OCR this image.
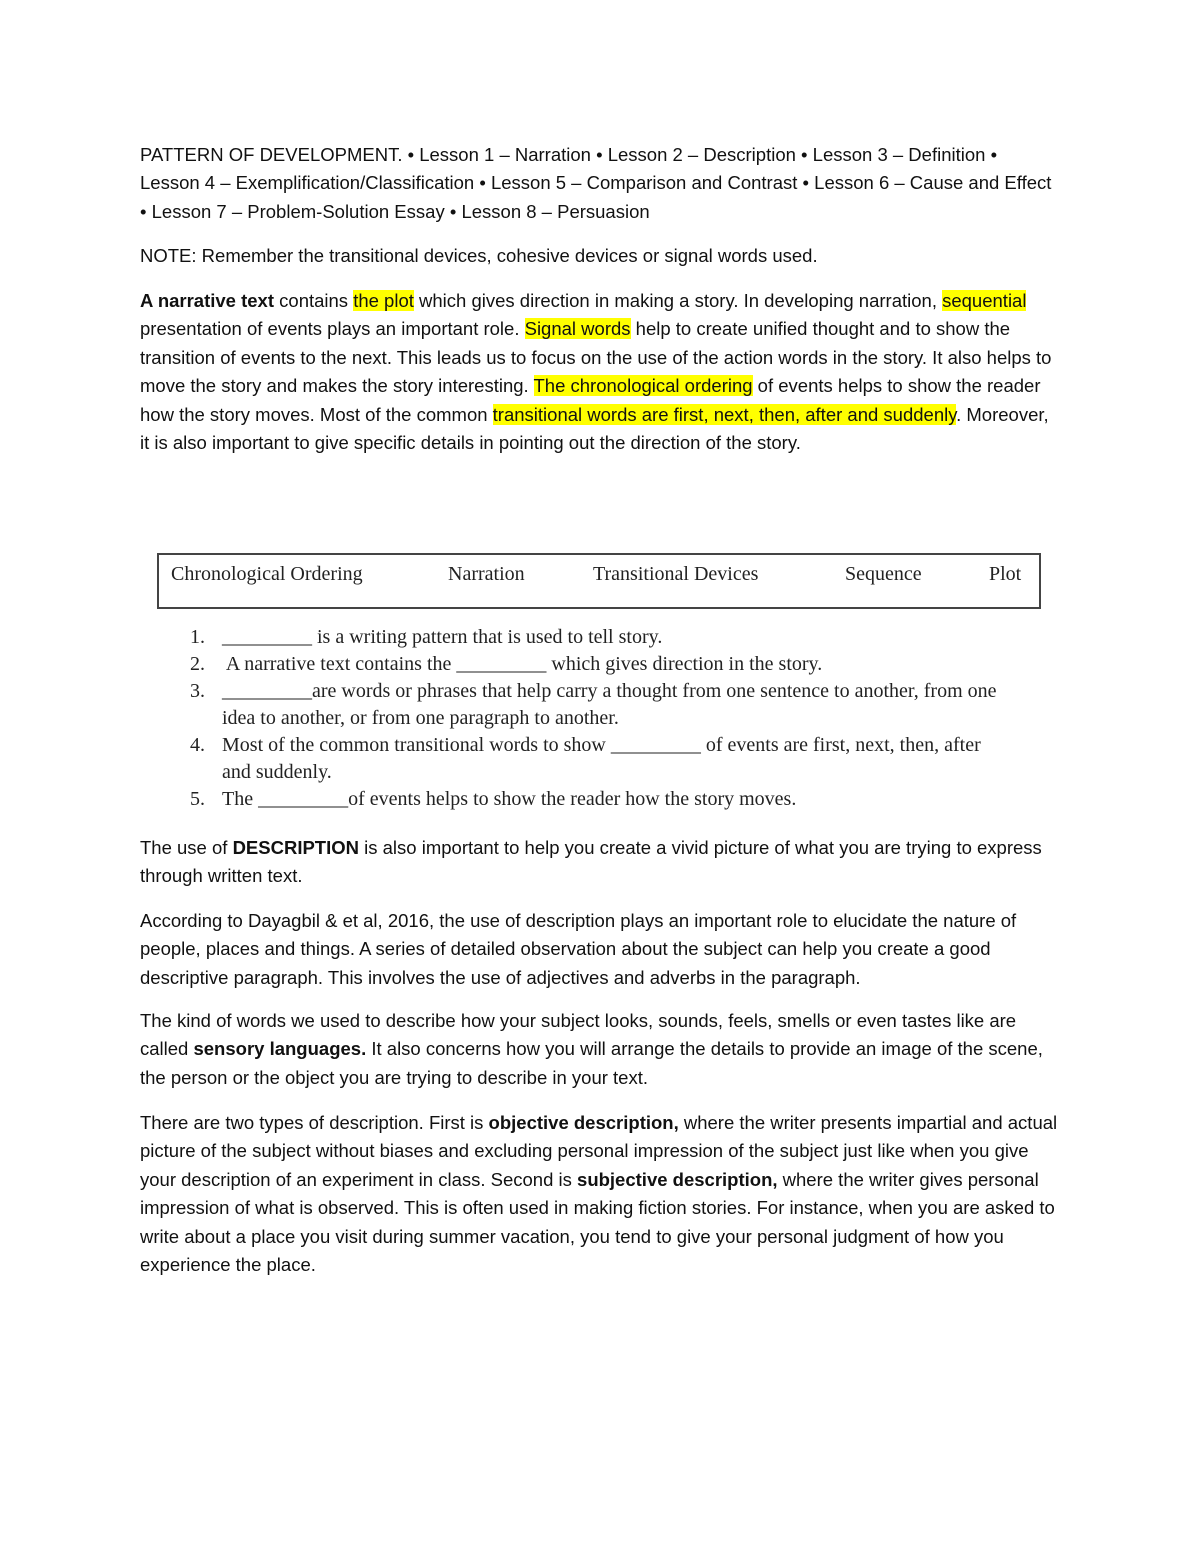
PATTERN OF DEVELOPMENT. • Lesson 1 – Narration • Lesson 2 – Description • Lesson 3 – Definition • Lesson 4 – Exemplification/Classification • Lesson 5 – Comparison and Contrast • Lesson 6 – Cause and Effect • Lesson 7 – Problem-Solution Essay • Lesson 8 – Persuasion

NOTE: Remember the transitional devices, cohesive devices or signal words used.

A narrative text contains the plot which gives direction in making a story. In developing narration, sequential presentation of events plays an important role. Signal words help to create unified thought and to show the transition of events to the next. This leads us to focus on the use of the action words in the story. It also helps to move the story and makes the story interesting. The chronological ordering of events helps to show the reader how the story moves. Most of the common transitional words are first, next, then, after and suddenly. Moreover, it is also important to give specific details in pointing out the direction of the story.

Chronological Ordering	Narration	Transitional Devices	Sequence	Plot
1. _________ is a writing pattern that is used to tell story.
2. A narrative text contains the _________ which gives direction in the story.
3. _________are words or phrases that help carry a thought from one sentence to another, from one idea to another, or from one paragraph to another.
4. Most of the common transitional words to show _________ of events are first, next, then, after and suddenly.
5. The _________of events helps to show the reader how the story moves.

The use of DESCRIPTION is also important to help you create a vivid picture of what you are trying to express through written text.

According to Dayagbil & et al, 2016, the use of description plays an important role to elucidate the nature of people, places and things. A series of detailed observation about the subject can help you create a good descriptive paragraph. This involves the use of adjectives and adverbs in the paragraph.

The kind of words we used to describe how your subject looks, sounds, feels, smells or even tastes like are called sensory languages. It also concerns how you will arrange the details to provide an image of the scene, the person or the object you are trying to describe in your text.

There are two types of description. First is objective description, where the writer presents impartial and actual picture of the subject without biases and excluding personal impression of the subject just like when you give your description of an experiment in class. Second is subjective description, where the writer gives personal impression of what is observed. This is often used in making fiction stories. For instance, when you are asked to write about a place you visit during summer vacation, you tend to give your personal judgment of how you experience the place.
